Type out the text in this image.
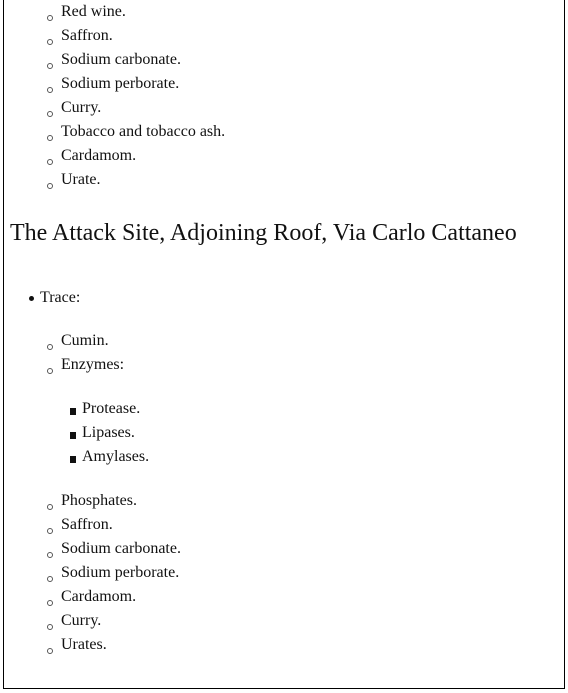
Red wine.
Saffron.
Sodium carbonate.
Sodium perborate.
Curry.
Tobacco and tobacco ash.
Cardamom.
Urate.
The Attack Site, Adjoining Roof, Via Carlo Cattaneo
Trace:
Cumin.
Enzymes:
Protease.
Lipases.
Amylases.
Phosphates.
Saffron.
Sodium carbonate.
Sodium perborate.
Cardamom.
Curry.
Urates.
